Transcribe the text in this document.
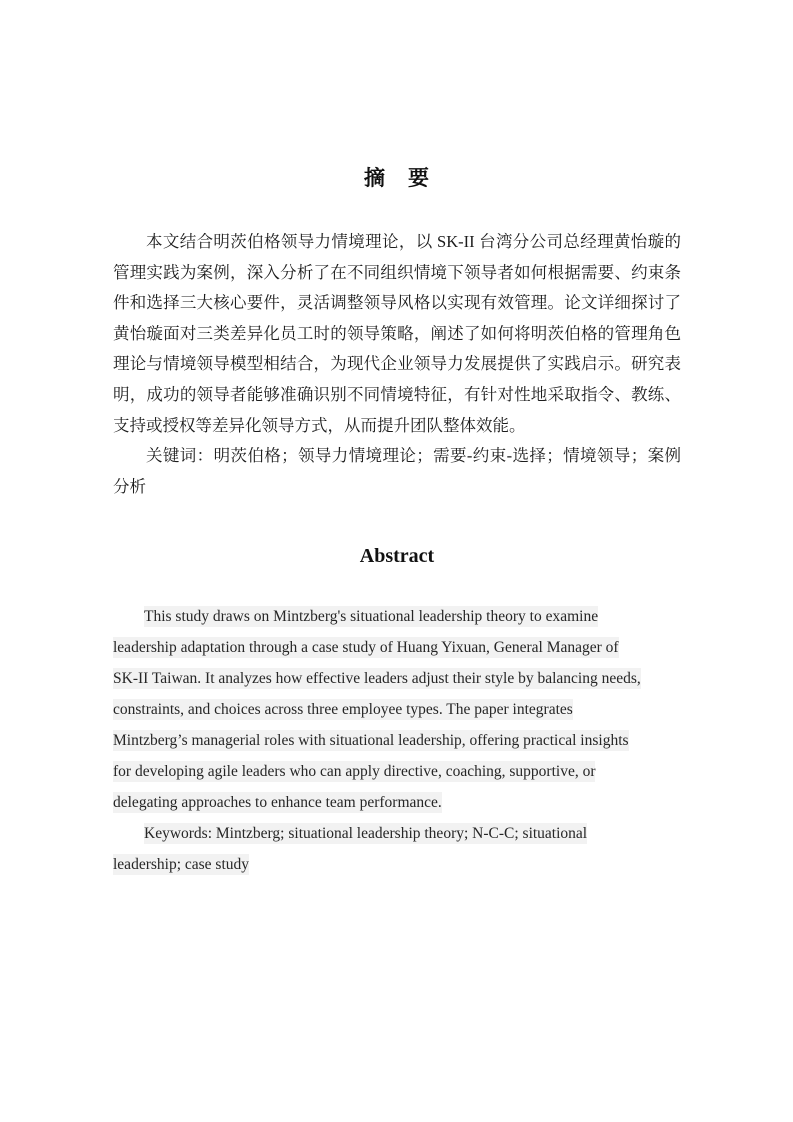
摘　要
本文结合明茨伯格领导力情境理论，以 SK-II 台湾分公司总经理黄怡璇的
管理实践为案例，深入分析了在不同组织情境下领导者如何根据需要、约束条
件和选择三大核心要件，灵活调整领导风格以实现有效管理。论文详细探讨了
黄怡璇面对三类差异化员工时的领导策略，阐述了如何将明茨伯格的管理角色
理论与情境领导模型相结合，为现代企业领导力发展提供了实践启示。研究表
明，成功的领导者能够准确识别不同情境特征，有针对性地采取指令、教练、
支持或授权等差异化领导方式，从而提升团队整体效能。
关键词：明茨伯格；领导力情境理论；需要-约束-选择；情境领导；案例
分析
Abstract
This study draws on Mintzberg's situational leadership theory to examine
leadership adaptation through a case study of Huang Yixuan, General Manager of
SK-II Taiwan. It analyzes how effective leaders adjust their style by balancing needs,
constraints, and choices across three employee types. The paper integrates
Mintzberg’s managerial roles with situational leadership, offering practical insights
for developing agile leaders who can apply directive, coaching, supportive, or
delegating approaches to enhance team performance.
Keywords: Mintzberg; situational leadership theory; N-C-C; situational
leadership; case study
